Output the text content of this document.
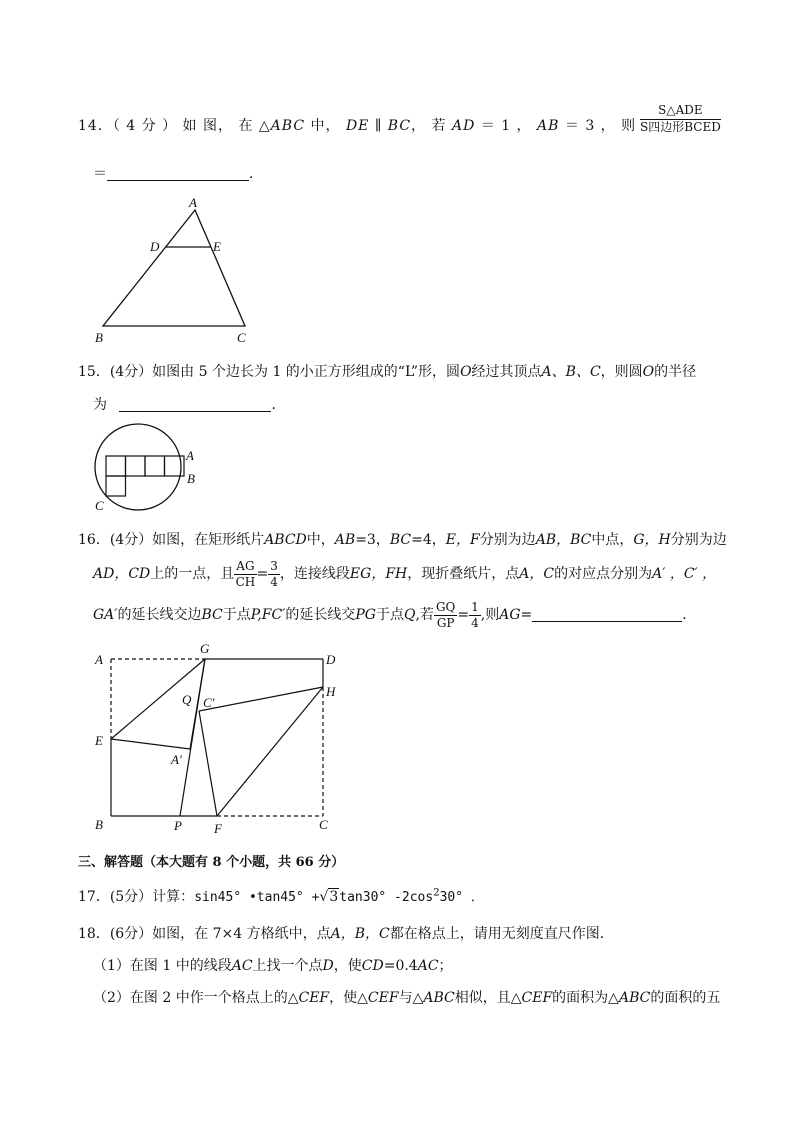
14．（ 4 分 ） 如 图， 在 △ABC 中， DE ∥ BC， 若 AD ＝ 1 ， AB ＝ 3 ， 则
S△ADE
S四边形BCED
＝	．
A
D	E
B	C
15．(4分）如图由 5 个边长为 1 的小正方形组成的“L”形，圆O经过其顶点A、B、C，则圆O的半径
为	．
A
B
C
16．(4分）如图，在矩形纸片ABCD中，AB=3，BC=4，E，F分别为边AB，BC中点，G，H分别为边
AD，CD上的一点，且 $\frac{AG}{CH} = \frac{3}{4}$ ，连接线段EG，FH，现折叠纸片，点A，C的对应点分别为A′ ，C′ ，
GA′的延长线交边BC于点P,FC′的延长线交PG于点Q,若 $\frac{GQ}{GP} = \frac{1}{4}$ ,则AG=	．
A
G
D
Q C′
H
E
A′
B	P F	C
三、解答题（本大题有 8 个小题，共 66 分）
17．(5分）计算：sin45° •tan45° +√3tan30° $-2\cos^230^\circ$ ．
18．(6分）如图，在 7×4 方格纸中，点A，B，C都在格点上，请用无刻度直尺作图．
（1）在图 1 中的线段AC上找一个点D，使CD=0.4AC；
（2）在图 2 中作一个格点上的△CEF，使△CEF与△ABC相似，且△CEF的面积为△ABC的面积的五
